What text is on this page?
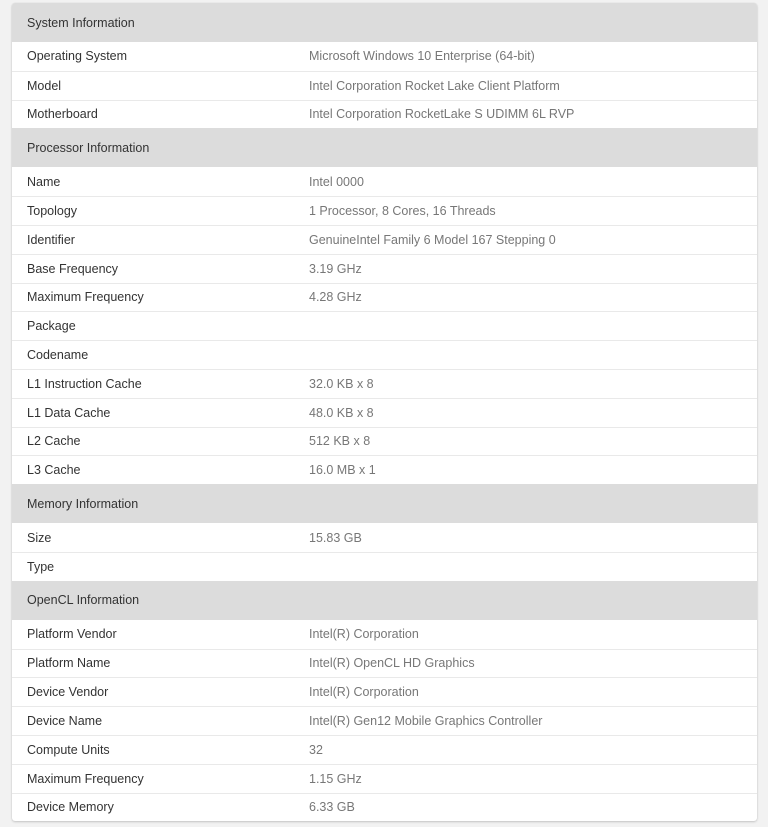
System Information
Operating System	Microsoft Windows 10 Enterprise (64-bit)
Model	Intel Corporation Rocket Lake Client Platform
Motherboard	Intel Corporation RocketLake S UDIMM 6L RVP
Processor Information
Name	Intel 0000
Topology	1 Processor, 8 Cores, 16 Threads
Identifier	GenuineIntel Family 6 Model 167 Stepping 0
Base Frequency	3.19 GHz
Maximum Frequency	4.28 GHz
Package
Codename
L1 Instruction Cache	32.0 KB x 8
L1 Data Cache	48.0 KB x 8
L2 Cache	512 KB x 8
L3 Cache	16.0 MB x 1
Memory Information
Size	15.83 GB
Type
OpenCL Information
Platform Vendor	Intel(R) Corporation
Platform Name	Intel(R) OpenCL HD Graphics
Device Vendor	Intel(R) Corporation
Device Name	Intel(R) Gen12 Mobile Graphics Controller
Compute Units	32
Maximum Frequency	1.15 GHz
Device Memory	6.33 GB
